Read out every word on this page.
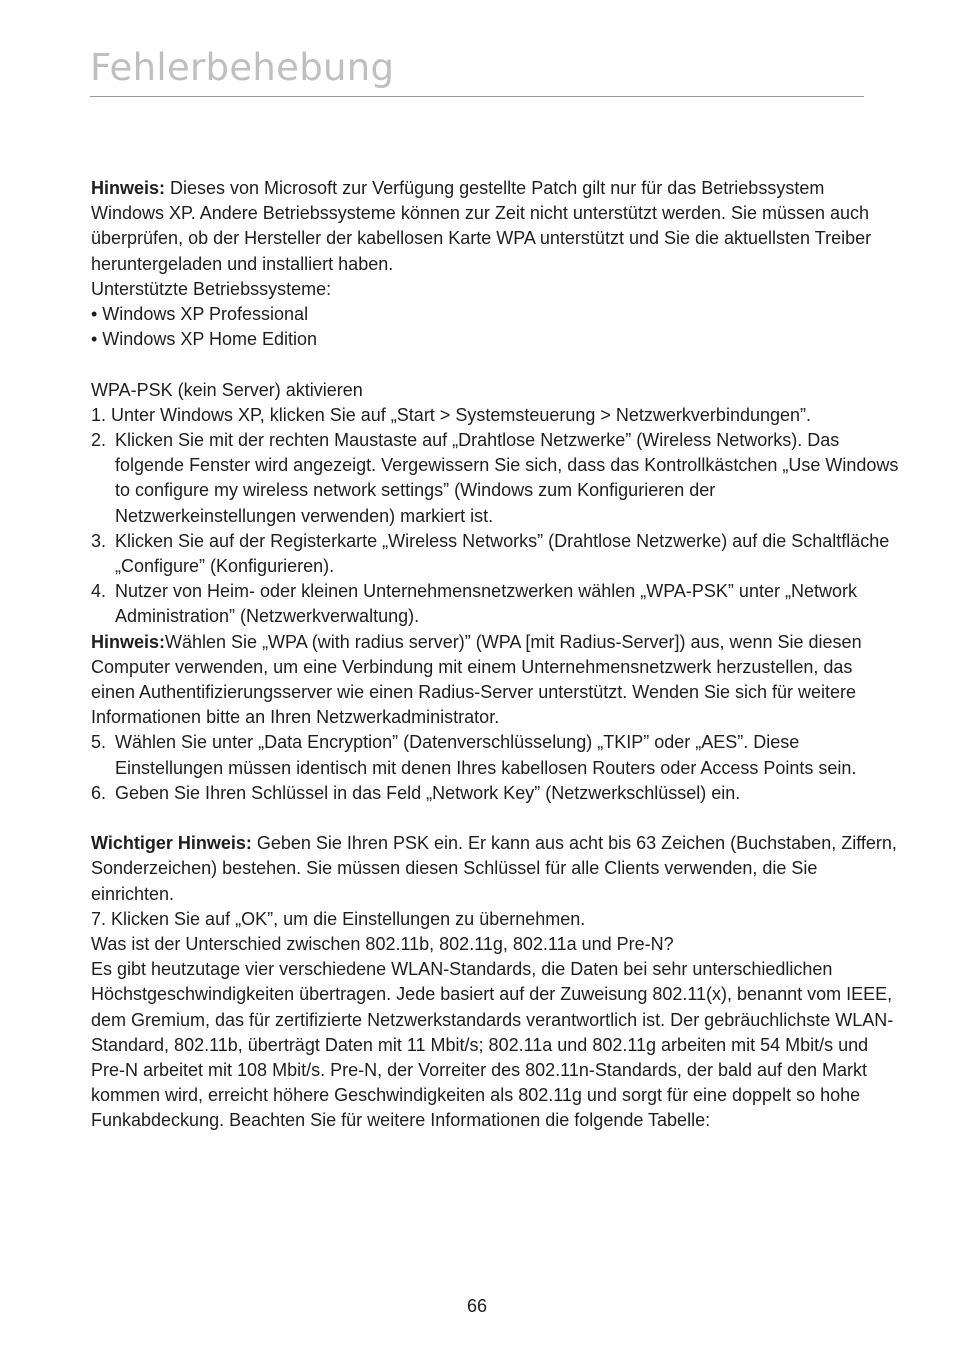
Fehlerbehebung

Hinweis: Dieses von Microsoft zur Verfügung gestellte Patch gilt nur für das Betriebssystem Windows XP. Andere Betriebssysteme können zur Zeit nicht unterstützt werden. Sie müssen auch überprüfen, ob der Hersteller der kabellosen Karte WPA unterstützt und Sie die aktuellsten Treiber heruntergeladen und installiert haben.

Unterstützte Betriebssysteme:

• Windows XP Professional

• Windows XP Home Edition

WPA-PSK (kein Server) aktivieren

1. Unter Windows XP, klicken Sie auf „Start > Systemsteuerung > Netzwerkverbindungen”.

2. Klicken Sie mit der rechten Maustaste auf „Drahtlose Netzwerke” (Wireless Networks). Das folgende Fenster wird angezeigt. Vergewissern Sie sich, dass das Kontrollkästchen „Use Windows to configure my wireless network settings” (Windows zum Konfigurieren der Netzwerkeinstellungen verwenden) markiert ist.
3. Klicken Sie auf der Registerkarte „Wireless Networks” (Drahtlose Netzwerke) auf die Schaltfläche „Configure” (Konfigurieren).
4. Nutzer von Heim- oder kleinen Unternehmensnetzwerken wählen „WPA-PSK” unter „Network Administration” (Netzwerkverwaltung).

Hinweis:Wählen Sie „WPA (with radius server)” (WPA [mit Radius-Server]) aus, wenn Sie diesen Computer verwenden, um eine Verbindung mit einem Unternehmensnetzwerk herzustellen, das einen Authentifizierungsserver wie einen Radius-Server unterstützt. Wenden Sie sich für weitere Informationen bitte an Ihren Netzwerkadministrator.

5. Wählen Sie unter „Data Encryption” (Datenverschlüsselung) „TKIP” oder „AES”. Diese Einstellungen müssen identisch mit denen Ihres kabellosen Routers oder Access Points sein.
6. Geben Sie Ihren Schlüssel in das Feld „Network Key” (Netzwerkschlüssel) ein.

Wichtiger Hinweis: Geben Sie Ihren PSK ein. Er kann aus acht bis 63 Zeichen (Buchstaben, Ziffern, Sonderzeichen) bestehen. Sie müssen diesen Schlüssel für alle Clients verwenden, die Sie einrichten.

7. Klicken Sie auf „OK”, um die Einstellungen zu übernehmen.

Was ist der Unterschied zwischen 802.11b, 802.11g, 802.11a und Pre-N?

Es gibt heutzutage vier verschiedene WLAN-Standards, die Daten bei sehr unterschiedlichen Höchstgeschwindigkeiten übertragen. Jede basiert auf der Zuweisung 802.11(x), benannt vom IEEE, dem Gremium, das für zertifizierte Netzwerkstandards verantwortlich ist. Der gebräuchlichste WLAN-Standard, 802.11b, überträgt Daten mit 11 Mbit/s; 802.11a und 802.11g arbeiten mit 54 Mbit/s und Pre-N arbeitet mit 108 Mbit/s. Pre-N, der Vorreiter des 802.11n-Standards, der bald auf den Markt kommen wird, erreicht höhere Geschwindigkeiten als 802.11g und sorgt für eine doppelt so hohe Funkabdeckung. Beachten Sie für weitere Informationen die folgende Tabelle:

66
